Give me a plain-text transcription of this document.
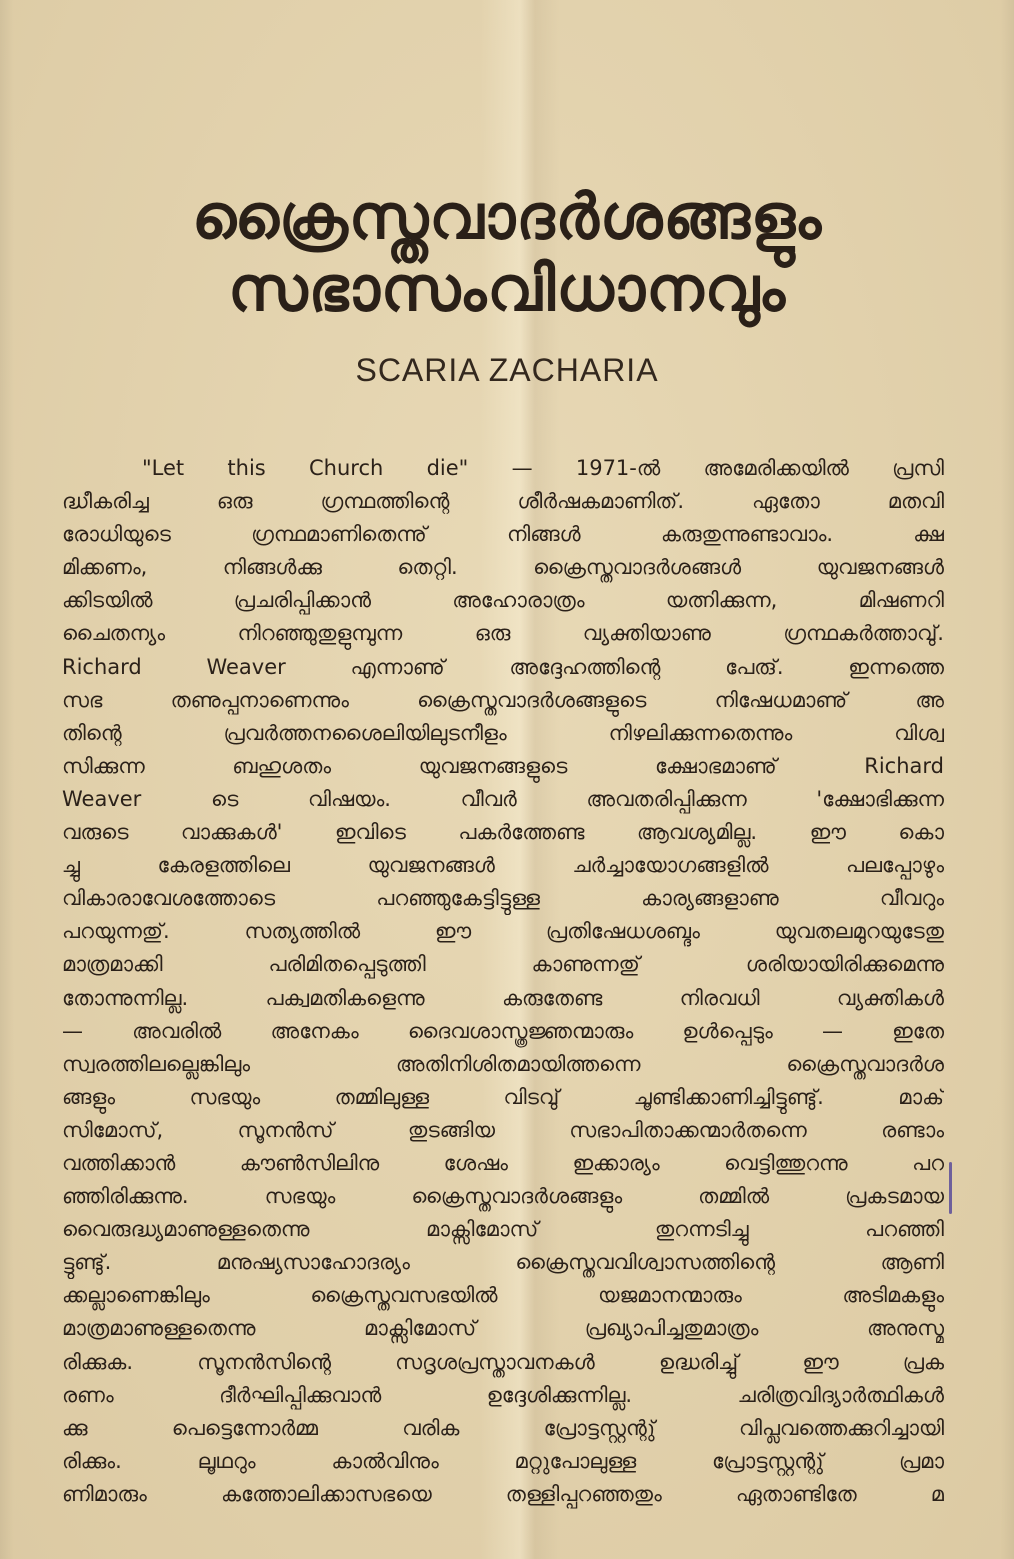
ക്രൈസ്തവാദർശങ്ങളും
സഭാസംവിധാനവും
SCARIA ZACHARIA
"Let this Church die" — 1971-ൽ അമേരിക്കയിൽ പ്രസി
ദ്ധീകരിച്ച ഒരു ഗ്രന്ഥത്തിന്റെ ശീർഷകമാണിത്. ഏതോ മതവി
രോധിയുടെ ഗ്രന്ഥമാണിതെന്നു് നിങ്ങൾ കരുതുന്നുണ്ടാവാം. ക്ഷ
മിക്കണം, നിങ്ങൾക്കു തെറ്റി. ക്രൈസ്തവാദർശങ്ങൾ യുവജനങ്ങൾ
ക്കിടയിൽ പ്രചരിപ്പിക്കാൻ അഹോരാത്രം യത്നിക്കുന്ന, മിഷണറി
ചൈതന്യം നിറഞ്ഞുതുളുമ്പുന്ന ഒരു വ്യക്തിയാണു ഗ്രന്ഥകർത്താവു്.
Richard Weaver എന്നാണു് അദ്ദേഹത്തിന്റെ പേരു്. ഇന്നത്തെ
സഭ തണുപ്പനാണെന്നും ക്രൈസ്തവാദർശങ്ങളുടെ നിഷേധമാണു് അ
തിന്റെ പ്രവർത്തനശൈലിയിലുടനീളം നിഴലിക്കുന്നതെന്നും വിശ്വ
സിക്കുന്ന ബഹുശതം യുവജനങ്ങളുടെ ക്ഷോഭമാണു് Richard
Weaver ടെ വിഷയം. വീവർ അവതരിപ്പിക്കുന്ന 'ക്ഷോഭിക്കുന്ന
വരുടെ വാക്കുകൾ' ഇവിടെ പകർത്തേണ്ട ആവശ്യമില്ല. ഈ കൊ
ച്ചു കേരളത്തിലെ യുവജനങ്ങൾ ചർച്ചായോഗങ്ങളിൽ പലപ്പോഴും
വികാരാവേശത്തോടെ പറഞ്ഞുകേട്ടിട്ടുള്ള കാര്യങ്ങളാണു വീവറും
പറയുന്നതു്. സത്യത്തിൽ ഈ പ്രതിഷേധശബ്ദം യുവതലമുറയുടേതു
മാത്രമാക്കി പരിമിതപ്പെടുത്തി കാണുന്നതു് ശരിയായിരിക്കുമെന്നു
തോന്നുന്നില്ല. പക്വമതികളെന്നു കരുതേണ്ട നിരവധി വ്യക്തികൾ
— അവരിൽ അനേകം ദൈവശാസ്ത്രജ്ഞന്മാരും ഉൾപ്പെടും — ഇതേ
സ്വരത്തിലല്ലെങ്കിലും അതിനിശിതമായിത്തന്നെ ക്രൈസ്തവാദർശ
ങ്ങളും സഭയും തമ്മിലുള്ള വിടവു് ചൂണ്ടിക്കാണിച്ചിട്ടുണ്ടു്. മാക്
സിമോസ്, സൂനൻസ് തുടങ്ങിയ സഭാപിതാക്കന്മാർതന്നെ രണ്ടാം
വത്തിക്കാൻ കൗൺസിലിനു ശേഷം ഇക്കാര്യം വെട്ടിത്തുറന്നു പറ
ഞ്ഞിരിക്കുന്നു. സഭയും ക്രൈസ്തവാദർശങ്ങളും തമ്മിൽ പ്രകടമായ
വൈരുദ്ധ്യമാണുള്ളതെന്നു മാക്സിമോസ് തുറന്നടിച്ചു പറഞ്ഞി
ട്ടുണ്ടു്. മനുഷ്യസാഹോദര്യം ക്രൈസ്തവവിശ്വാസത്തിന്റെ ആണി
ക്കല്ലാണെങ്കിലും ക്രൈസ്തവസഭയിൽ യജമാനന്മാരും അടിമകളും
മാത്രമാണുള്ളതെന്നു മാക്സിമോസ് പ്രഖ്യാപിച്ചതുമാത്രം അനുസ്മ
രിക്കുക. സൂനൻസിന്റെ സദൃശപ്രസ്താവനകൾ ഉദ്ധരിച്ചു് ഈ പ്രക
രണം ദീർഘിപ്പിക്കുവാൻ ഉദ്ദേശിക്കുന്നില്ല. ചരിത്രവിദ്യാർത്ഥികൾ
ക്കു പെട്ടെന്നോർമ്മ വരിക പ്രോട്ടസ്റ്റന്റു് വിപ്ലവത്തെക്കുറിച്ചായി
രിക്കും. ലൂഥറും കാൽവിനും മറ്റുപോലുള്ള പ്രോട്ടസ്റ്റന്റു് പ്രമാ
ണിമാരും കത്തോലിക്കാസഭയെ തള്ളിപ്പറഞ്ഞതും ഏതാണ്ടിതേ മ
